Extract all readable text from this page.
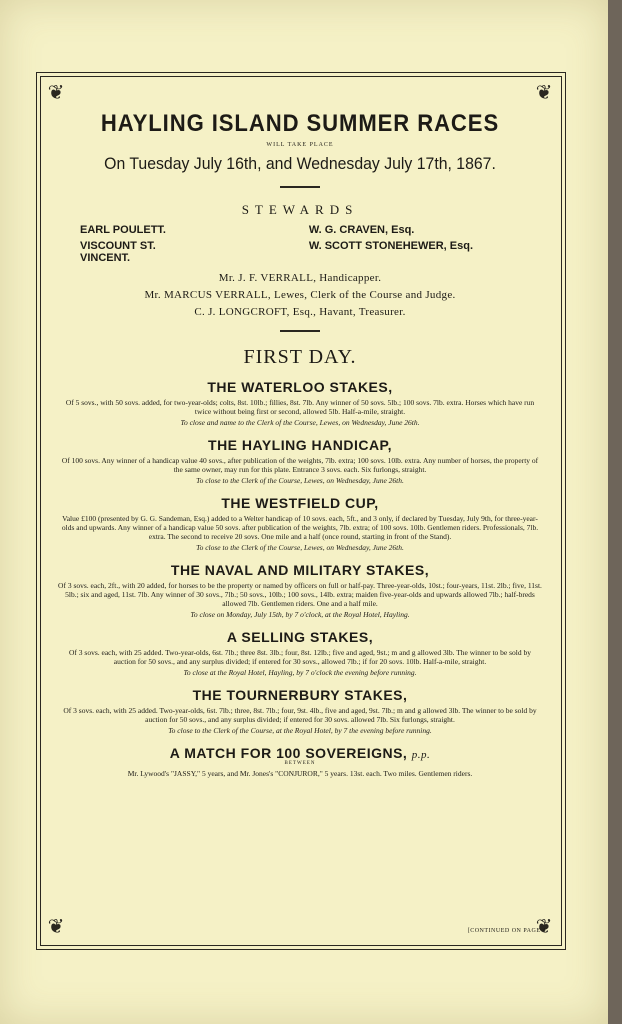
❦	❦
❦	❦
HAYLING ISLAND SUMMER RACES
WILL TAKE PLACE
On Tuesday July 16th, and Wednesday July 17th, 1867.
STEWARDS
EARL POULETT.
VISCOUNT ST. VINCENT.
W. G. CRAVEN, Esq.
W. SCOTT STONEHEWER, Esq.
Mr. J. F. VERRALL, Handicapper.
Mr. MARCUS VERRALL, Lewes, Clerk of the Course and Judge.
C. J. LONGCROFT, Esq., Havant, Treasurer.
FIRST DAY.
THE WATERLOO STAKES,
Of 5 sovs., with 50 sovs. added, for two-year-olds; colts, 8st. 10lb.; fillies, 8st. 7lb. Any winner of 50 sovs. 5lb.; 100 sovs. 7lb. extra. Horses which have run twice without being first or second, allowed 5lb. Half-a-mile, straight.
To close and name to the Clerk of the Course, Lewes, on Wednesday, June 26th.
THE HAYLING HANDICAP,
Of 100 sovs. Any winner of a handicap value 40 sovs., after publication of the weights, 7lb. extra; 100 sovs. 10lb. extra. Any number of horses, the property of the same owner, may run for this plate. Entrance 3 sovs. each. Six furlongs, straight.
To close to the Clerk of the Course, Lewes, on Wednesday, June 26th.
THE WESTFIELD CUP,
Value £100 (presented by G. G. Sandeman, Esq.) added to a Welter handicap of 10 sovs. each, 5ft., and 3 only, if declared by Tuesday, July 9th, for three-year-olds and upwards. Any winner of a handicap value 50 sovs. after publication of the weights, 7lb. extra; of 100 sovs. 10lb. Gentlemen riders. Professionals, 7lb. extra. The second to receive 20 sovs. One mile and a half (once round, starting in front of the Stand).
To close to the Clerk of the Course, Lewes, on Wednesday, June 26th.
THE NAVAL AND MILITARY STAKES,
Of 3 sovs. each, 2ft., with 20 added, for horses to be the property or named by officers on full or half-pay. Three-year-olds, 10st.; four-years, 11st. 2lb.; five, 11st. 5lb.; six and aged, 11st. 7lb. Any winner of 30 sovs., 7lb.; 50 sovs., 10lb.; 100 sovs., 14lb. extra; maiden five-year-olds and upwards allowed 7lb.; half-breds allowed 7lb. Gentlemen riders. One and a half mile.
To close on Monday, July 15th, by 7 o'clock, at the Royal Hotel, Hayling.
A SELLING STAKES,
Of 3 sovs. each, with 25 added. Two-year-olds, 6st. 7lb.; three 8st. 3lb.; four, 8st. 12lb.; five and aged, 9st.; m and g allowed 3lb. The winner to be sold by auction for 50 sovs., and any surplus divided; if entered for 30 sovs., allowed 7lb.; if for 20 sovs. 10lb. Half-a-mile, straight.
To close at the Royal Hotel, Hayling, by 7 o'clock the evening before running.
THE TOURNERBURY STAKES,
Of 3 sovs. each, with 25 added. Two-year-olds, 6st. 7lb.; three, 8st. 7lb.; four, 9st. 4lb., five and aged, 9st. 7lb.; m and g allowed 3lb. The winner to be sold by auction for 50 sovs., and any surplus divided; if entered for 30 sovs. allowed 7lb. Six furlongs, straight.
To close to the Clerk of the Course, at the Royal Hotel, by 7 the evening before running.
A MATCH FOR 100 SOVEREIGNS, p.p.
BETWEEN
Mr. Lywood's "JASSY," 5 years, and Mr. Jones's "CONJUROR," 5 years. 13st. each. Two miles. Gentlemen riders.
[CONTINUED ON PAGE 4.
